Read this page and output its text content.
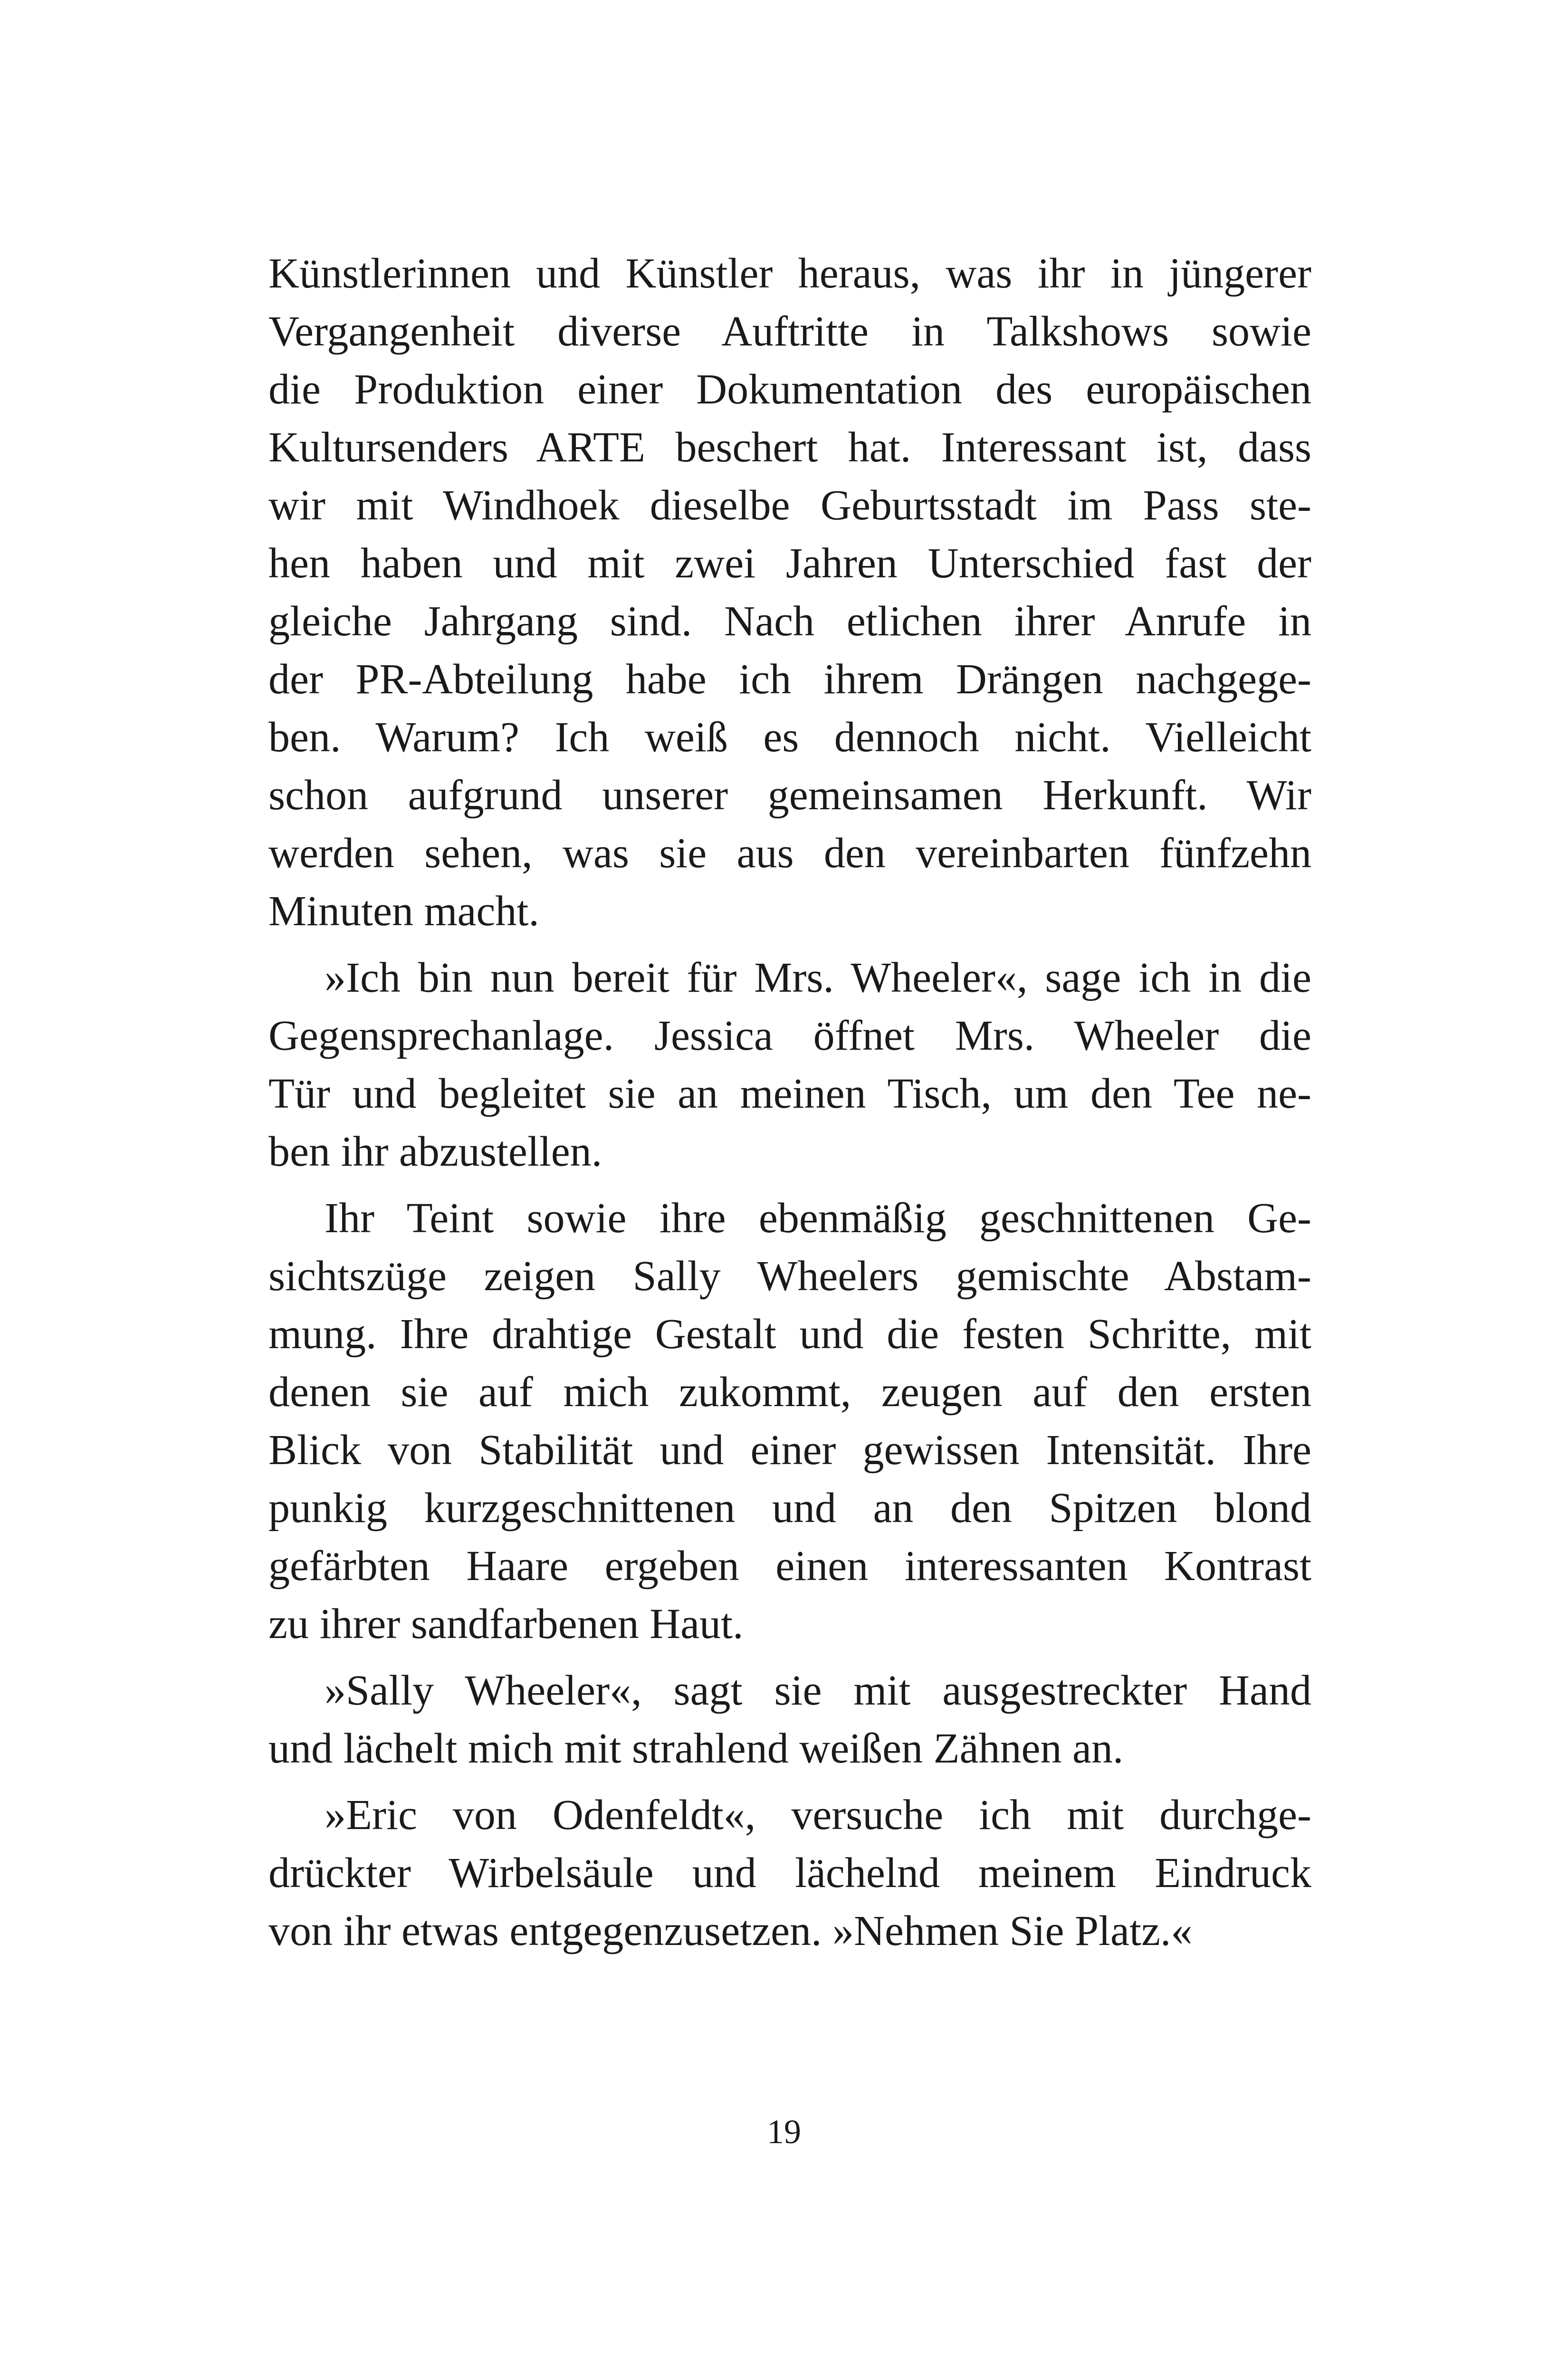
Künstlerinnen und Künstler heraus, was ihr in jüngerer
Vergangenheit diverse Auftritte in Talkshows sowie
die Produktion einer Dokumentation des europäischen
Kultursenders ARTE beschert hat. Interessant ist, dass
wir mit Windhoek dieselbe Geburtsstadt im Pass ste-
hen haben und mit zwei Jahren Unterschied fast der
gleiche Jahrgang sind. Nach etlichen ihrer Anrufe in
der PR-Abteilung habe ich ihrem Drängen nachgege-
ben. Warum? Ich weiß es dennoch nicht. Vielleicht
schon aufgrund unserer gemeinsamen Herkunft. Wir
werden sehen, was sie aus den vereinbarten fünfzehn
Minuten macht.
»Ich bin nun bereit für Mrs. Wheeler«, sage ich in die
Gegensprechanlage. Jessica öffnet Mrs. Wheeler die
Tür und begleitet sie an meinen Tisch, um den Tee ne-
ben ihr abzustellen.
Ihr Teint sowie ihre ebenmäßig geschnittenen Ge-
sichtszüge zeigen Sally Wheelers gemischte Abstam-
mung. Ihre drahtige Gestalt und die festen Schritte, mit
denen sie auf mich zukommt, zeugen auf den ersten
Blick von Stabilität und einer gewissen Intensität. Ihre
punkig kurzgeschnittenen und an den Spitzen blond
gefärbten Haare ergeben einen interessanten Kontrast
zu ihrer sandfarbenen Haut.
»Sally Wheeler«, sagt sie mit ausgestreckter Hand
und lächelt mich mit strahlend weißen Zähnen an.
»Eric von Odenfeldt«, versuche ich mit durchge-
drückter Wirbelsäule und lächelnd meinem Eindruck
von ihr etwas entgegenzusetzen. »Nehmen Sie Platz.«
19
